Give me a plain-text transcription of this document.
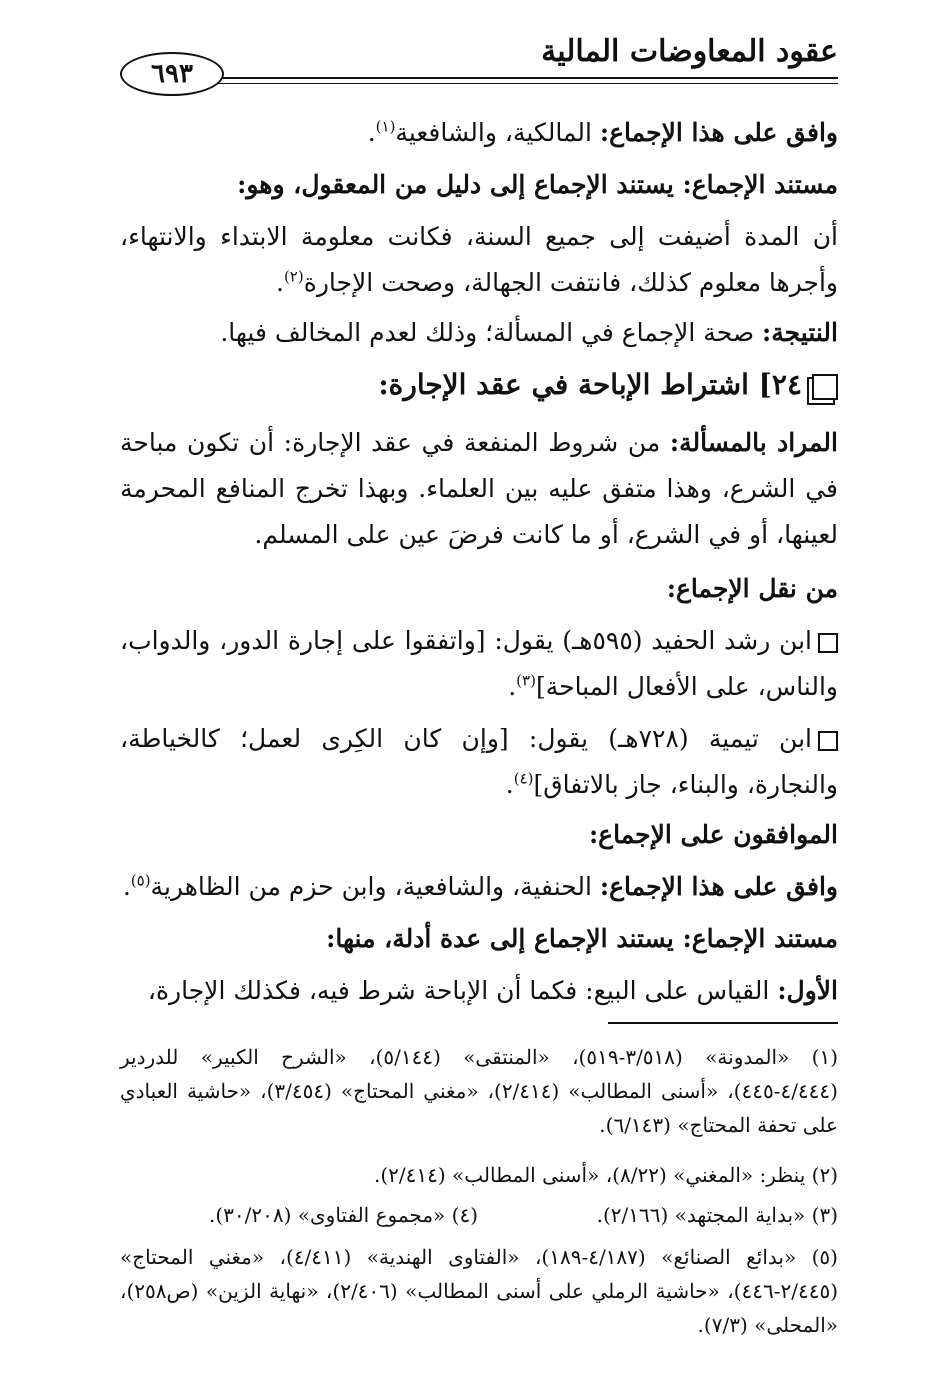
عقود المعاوضات المالية
٦٩٣
وافق على هذا الإجماع: المالكية، والشافعية$^{(١)}$.
مستند الإجماع: يستند الإجماع إلى دليل من المعقول، وهو:
أن المدة أضيفت إلى جميع السنة، فكانت معلومة الابتداء والانتهاء، وأجرها معلوم كذلك، فانتفت الجهالة، وصحت الإجارة$^{(٢)}$.
النتيجة: صحة الإجماع في المسألة؛ وذلك لعدم المخالف فيها.
٢٤] اشتراط الإباحة في عقد الإجارة:
المراد بالمسألة: من شروط المنفعة في عقد الإجارة: أن تكون مباحة في الشرع، وهذا متفق عليه بين العلماء. وبهذا تخرج المنافع المحرمة لعينها، أو في الشرع، أو ما كانت فرضَ عين على المسلم.
من نقل الإجماع:
ابن رشد الحفيد (٥٩٥هـ) يقول: [واتفقوا على إجارة الدور، والدواب، والناس، على الأفعال المباحة]$^{(٣)}$.
ابن تيمية (٧٢٨هـ) يقول: [وإن كان الكِرى لعمل؛ كالخياطة، والنجارة، والبناء، جاز بالاتفاق]$^{(٤)}$.
الموافقون على الإجماع:
وافق على هذا الإجماع: الحنفية، والشافعية، وابن حزم من الظاهرية$^{(٥)}$.
مستند الإجماع: يستند الإجماع إلى عدة أدلة، منها:
الأول: القياس على البيع: فكما أن الإباحة شرط فيه، فكذلك الإجارة،
(١) «المدونة» (٣/٥١٨-٥١٩)، «المنتقى» (٥/١٤٤)، «الشرح الكبير» للدردير (٤/٤٤٤-٤٤٥)، «أسنى المطالب» (٢/٤١٤)، «مغني المحتاج» (٣/٤٥٤)، «حاشية العبادي على تحفة المحتاج» (٦/١٤٣).
(٢) ينظر: «المغني» (٨/٢٢)، «أسنى المطالب» (٢/٤١٤).
(٣) «بداية المجتهد» (٢/١٦٦).
(٤) «مجموع الفتاوى» (٣٠/٢٠٨).
(٥) «بدائع الصنائع» (٤/١٨٧-١٨٩)، «الفتاوى الهندية» (٤/٤١١)، «مغني المحتاج» (٢/٤٤٥-٤٤٦)، «حاشية الرملي على أسنى المطالب» (٢/٤٠٦)، «نهاية الزين» (ص٢٥٨)، «المحلى» (٧/٣).
